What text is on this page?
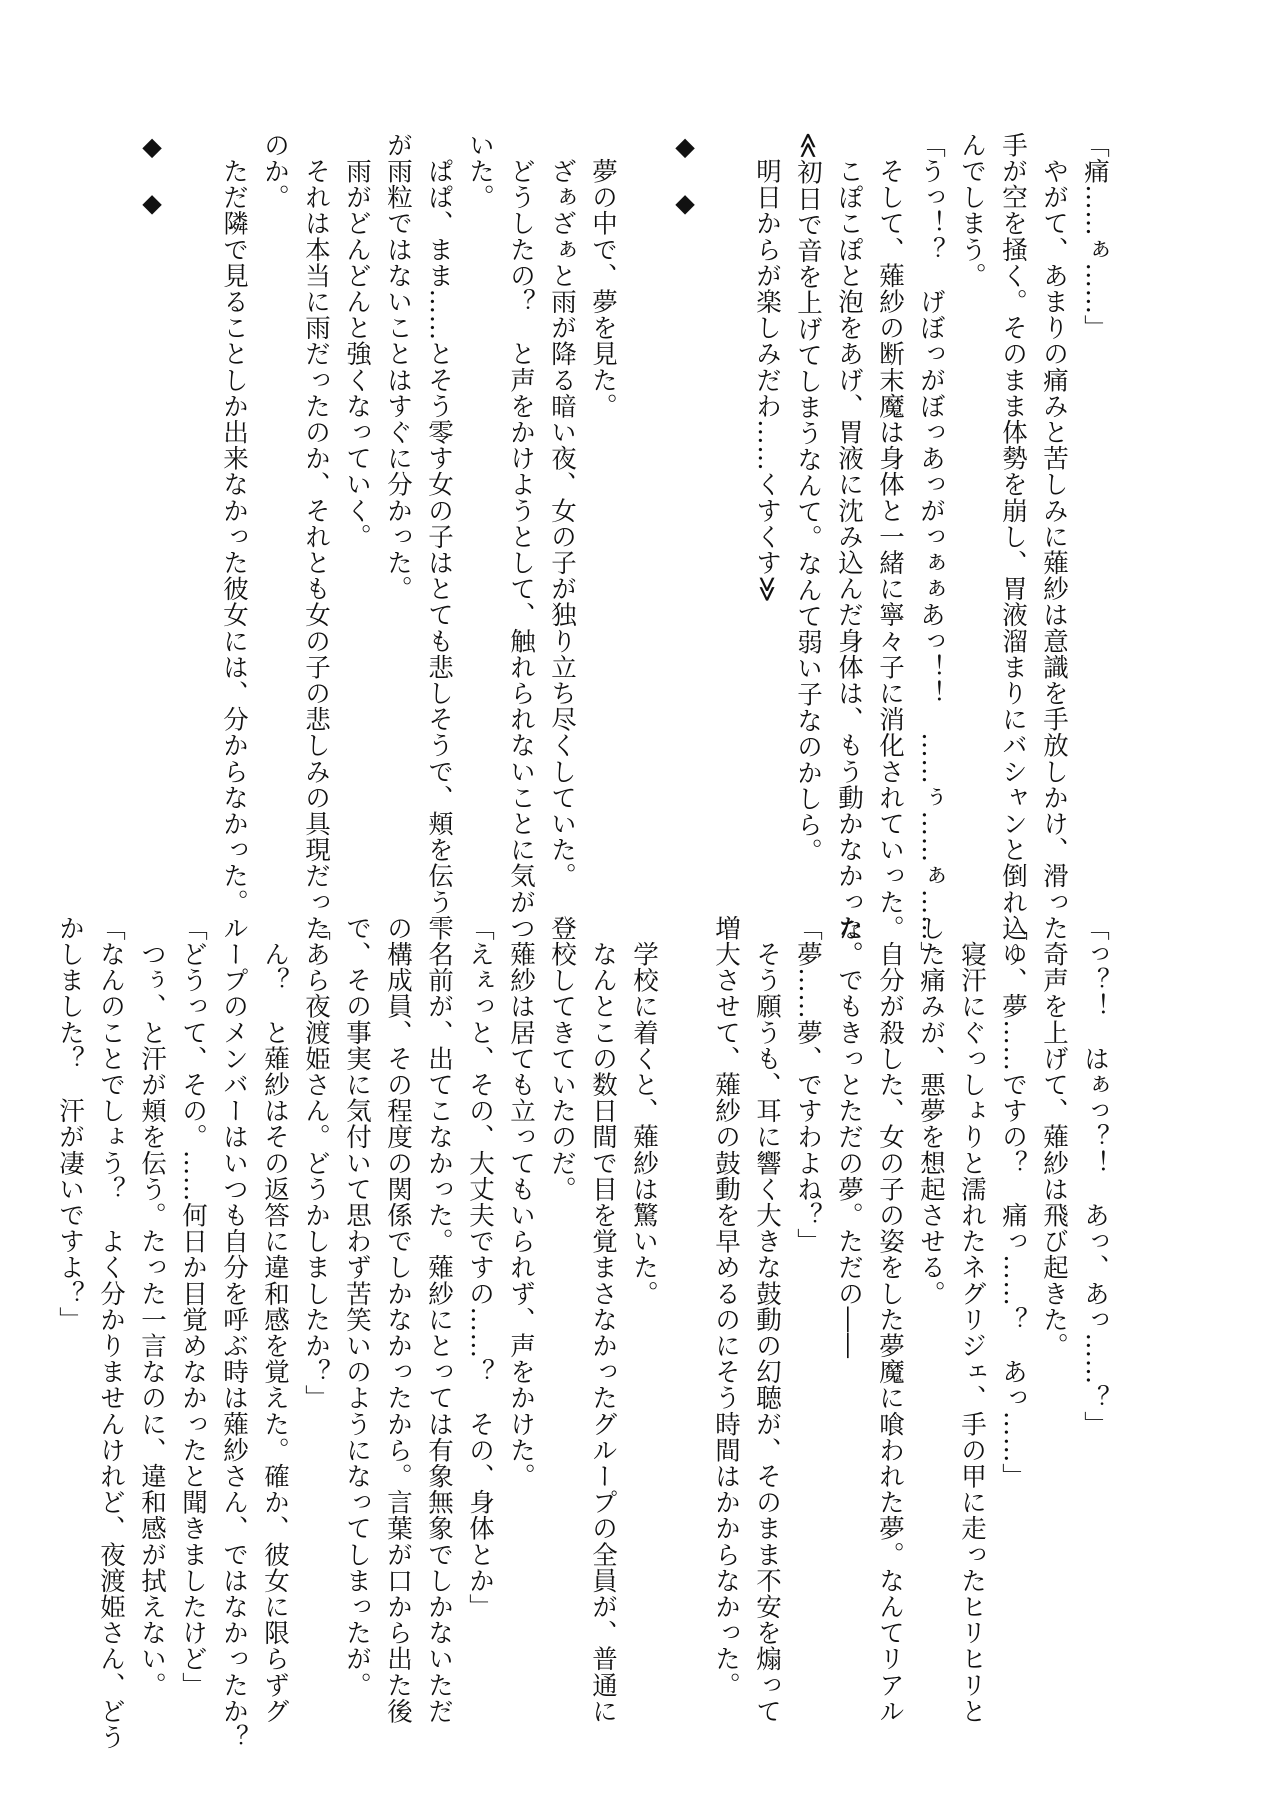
「痛……ぁ……」

　やがて、あまりの痛みと苦しみに薙紗は意識を手放しかけ、滑った

手が空を掻く。そのまま体勢を崩し、胃液溜まりにバシャンと倒れ込

んでしまう。

「うっ！？　げぼっがぼっあっがっぁぁあっ！！　……ぅ……ぁ……」

　そして、薙紗の断末魔は身体と一緒に寧々子に消化されていった。

　こぽこぽと泡をあげ、胃液に沈み込んだ身体は、もう動かなかった。

≪初日で音を上げてしまうなんて。なんて弱い子なのかしら。

　明日からが楽しみだわ……くすくす≫

◆　◆

　夢の中で、夢を見た。

　ざぁざぁと雨が降る暗い夜、女の子が独り立ち尽くしていた。

　どうしたの？　と声をかけようとして、触れられないことに気がつ

いた。

　ぱぱ、まま……とそう零す女の子はとても悲しそうで、頬を伝う雫

が雨粒ではないことはすぐに分かった。

　雨がどんどんと強くなっていく。

　それは本当に雨だったのか、それとも女の子の悲しみの具現だった

のか。

　ただ隣で見ることしか出来なかった彼女には、分からなかった。

◆　◆

「っ？！　はぁっ？！　あっ、あっ……？」

　奇声を上げて、薙紗は飛び起きた。

「ゆ、夢……ですの？　痛っ……？　あっ……」

　寝汗にぐっしょりと濡れたネグリジェ、手の甲に走ったヒリヒリと

した痛みが、悪夢を想起させる。

　自分が殺した、女の子の姿をした夢魔に喰われた夢。なんてリアル

な。でもきっとただの夢。ただの――

「夢……夢、ですわよね？」

　そう願うも、耳に響く大きな鼓動の幻聴が、そのまま不安を煽って

増大させて、薙紗の鼓動を早めるのにそう時間はかからなかった。

　学校に着くと、薙紗は驚いた。

　なんとこの数日間で目を覚まさなかったグループの全員が、普通に

登校してきていたのだ。

　薙紗は居ても立ってもいられず、声をかけた。

「えぇっと、その、大丈夫ですの……？　その、身体とか」

　名前が、出てこなかった。薙紗にとっては有象無象でしかないただ

の構成員、その程度の関係でしかなかったから。言葉が口から出た後

で、その事実に気付いて思わず苦笑いのようになってしまったが。

「あら夜渡姫さん。どうかしましたか？」

　ん？　と薙紗はその返答に違和感を覚えた。確か、彼女に限らずグ

ループのメンバーはいつも自分を呼ぶ時は薙紗さん、ではなかったか？

「どうって、その。……何日か目覚めなかったと聞きましたけど」

　つぅ、と汗が頬を伝う。たった一言なのに、違和感が拭えない。

「なんのことでしょう？　よく分かりませんけれど、夜渡姫さん、どう

かしました？　汗が凄いですよ？」
